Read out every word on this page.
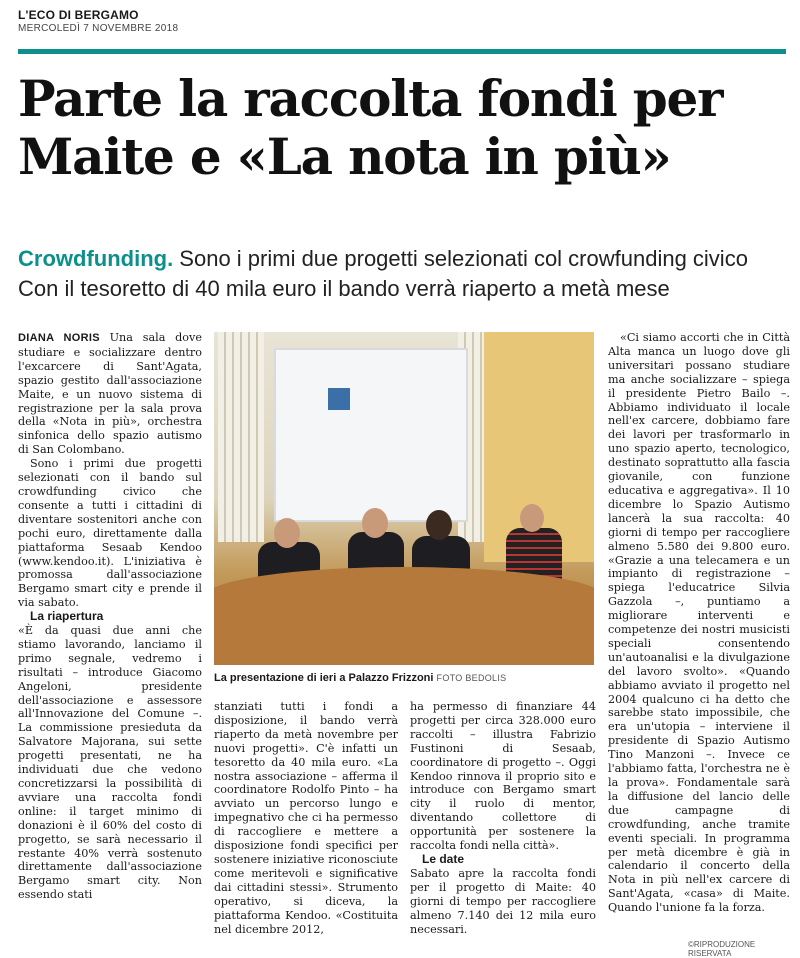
L'ECO DI BERGAMO
MERCOLEDÌ 7 NOVEMBRE 2018
Parte la raccolta fondi per Maite e «La nota in più»
Crowdfunding. Sono i primi due progetti selezionati col crowfunding civico
Con il tesoretto di 40 mila euro il bando verrà riaperto a metà mese

DIANA NORIS Una sala dove studiare e socializzare dentro l'excarcere di Sant'Agata, spazio gestito dall'associazione Maite, e un nuovo sistema di registrazione per la sala prova della «Nota in più», orchestra sinfonica dello spazio autismo di San Colombano.

Sono i primi due progetti selezionati con il bando sul crowdfunding civico che consente a tutti i cittadini di diventare sostenitori anche con pochi euro, direttamente dalla piattaforma Sesaab Kendoo (www.kendoo.it). L'iniziativa è promossa dall'associazione Bergamo smart city e prende il via sabato.

La riapertura

«È da quasi due anni che stiamo lavorando, lanciamo il primo segnale, vedremo i risultati – introduce Giacomo Angeloni, presidente dell'associazione e assessore all'Innovazione del Comune –. La commissione presieduta da Salvatore Majorana, sui sette progetti presentati, ne ha individuati due che vedono concretizzarsi la possibilità di avviare una raccolta fondi online: il target minimo di donazioni è il 60% del costo di progetto, se sarà necessario il restante 40% verrà sostenuto direttamente dall'associazione Bergamo smart city. Non essendo stati

La presentazione di ieri a Palazzo Frizzoni FOTO BEDOLIS

stanziati tutti i fondi a disposizione, il bando verrà riaperto da metà novembre per nuovi progetti». C'è infatti un tesoretto da 40 mila euro. «La nostra associazione – afferma il coordinatore Rodolfo Pinto – ha avviato un percorso lungo e impegnativo che ci ha permesso di raccogliere e mettere a disposizione fondi specifici per sostenere iniziative riconosciute come meritevoli e significative dai cittadini stessi». Strumento operativo, si diceva, la piattaforma Kendoo. «Costituita nel dicembre 2012,

ha permesso di finanziare 44 progetti per circa 328.000 euro raccolti – illustra Fabrizio Fustinoni di Sesaab, coordinatore di progetto –. Oggi Kendoo rinnova il proprio sito e introduce con Bergamo smart city il ruolo di mentor, diventando collettore di opportunità per sostenere la raccolta fondi nella città».

Le date

Sabato apre la raccolta fondi per il progetto di Maite: 40 giorni di tempo per raccogliere almeno 7.140 dei 12 mila euro necessari.

«Ci siamo accorti che in Città Alta manca un luogo dove gli universitari possano studiare ma anche socializzare – spiega il presidente Pietro Bailo –. Abbiamo individuato il locale nell'ex carcere, dobbiamo fare dei lavori per trasformarlo in uno spazio aperto, tecnologico, destinato soprattutto alla fascia giovanile, con funzione educativa e aggregativa». Il 10 dicembre lo Spazio Autismo lancerà la sua raccolta: 40 giorni di tempo per raccogliere almeno 5.580 dei 9.800 euro. «Grazie a una telecamera e un impianto di registrazione – spiega l'educatrice Silvia Gazzola –, puntiamo a migliorare interventi e competenze dei nostri musicisti speciali consentendo un'autoanalisi e la divulgazione del lavoro svolto». «Quando abbiamo avviato il progetto nel 2004 qualcuno ci ha detto che sarebbe stato impossibile, che era un'utopia – interviene il presidente di Spazio Autismo Tino Manzoni –. Invece ce l'abbiamo fatta, l'orchestra ne è la prova». Fondamentale sarà la diffusione del lancio delle due campagne di crowdfunding, anche tramite eventi speciali. In programma per metà dicembre è già in calendario il concerto della Nota in più nell'ex carcere di Sant'Agata, «casa» di Maite. Quando l'unione fa la forza.

©RIPRODUZIONE RISERVATA
